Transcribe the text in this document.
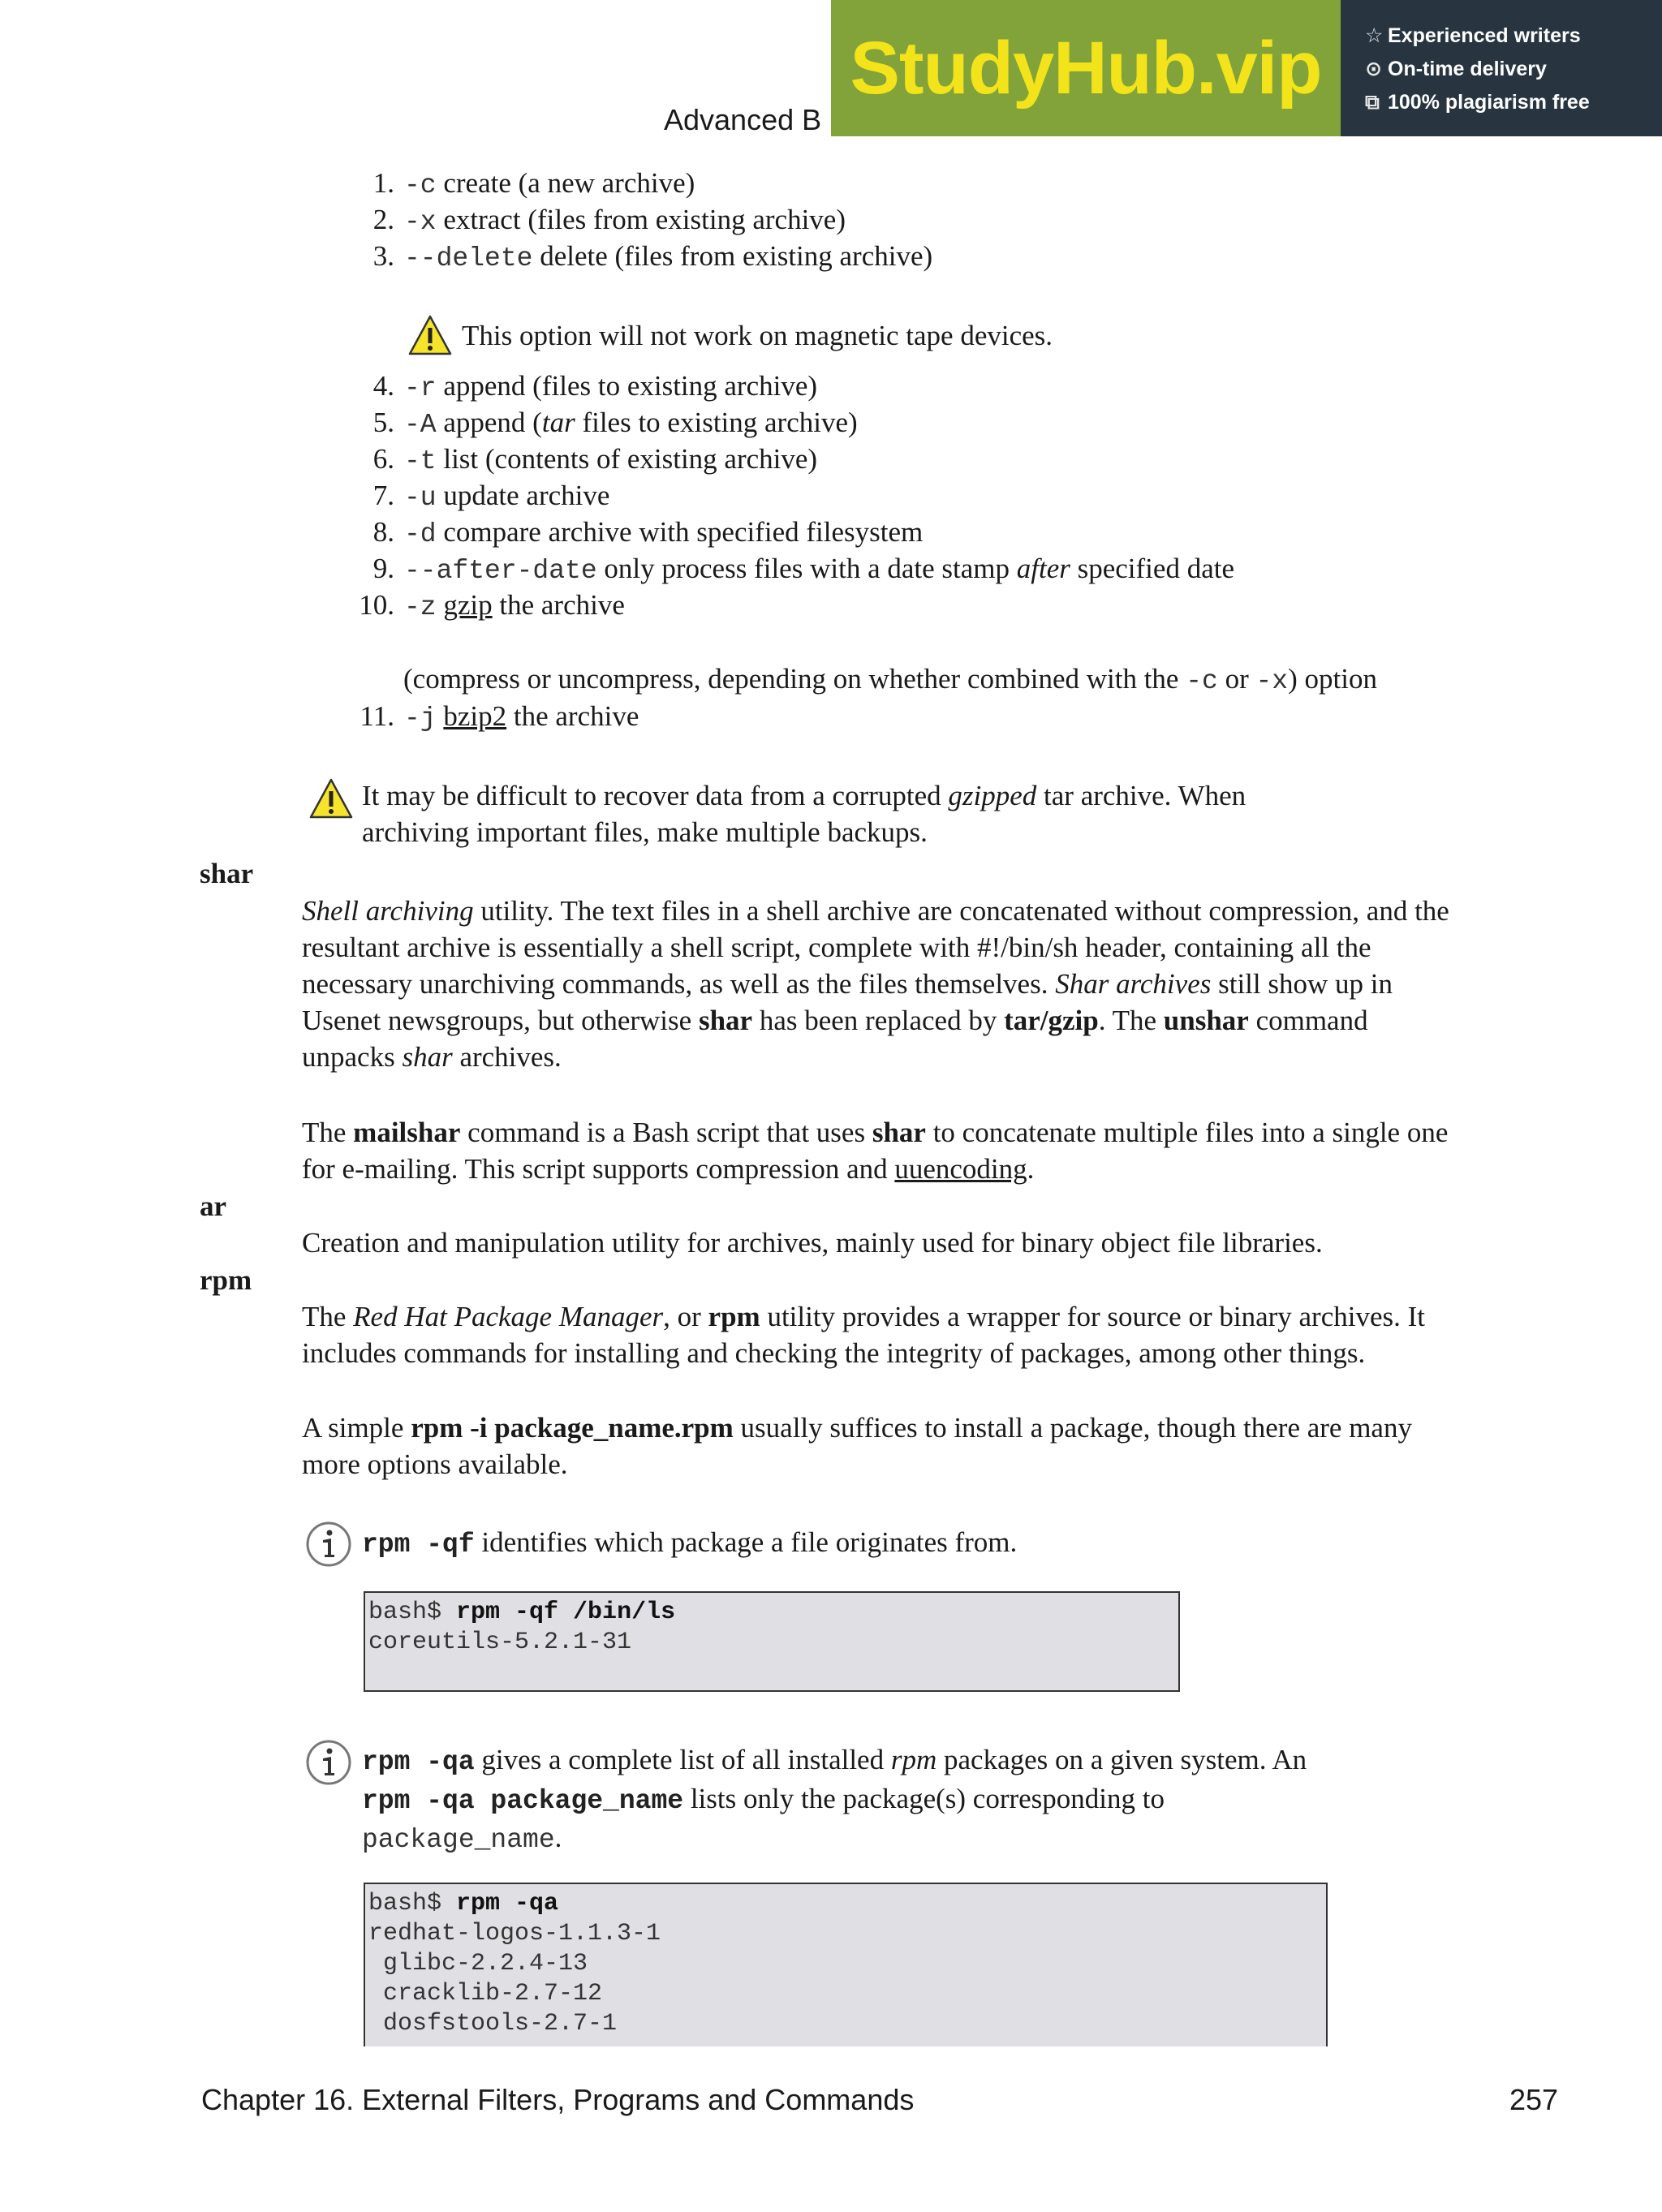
Advanced B
StudyHub.vip ☆ Experienced writers
⊙ On-time delivery
⧉ 100% plagiarism free
1. -c create (a new archive)
2. -x extract (files from existing archive)
3. --delete delete (files from existing archive)
This option will not work on magnetic tape devices.
4. -r append (files to existing archive)
5. -A append (tar files to existing archive)
6. -t list (contents of existing archive)
7. -u update archive
8. -d compare archive with specified filesystem
9. --after-date only process files with a date stamp after specified date
10. -z gzip the archive
(compress or uncompress, depending on whether combined with the -c or -x) option
11. -j bzip2 the archive
It may be difficult to recover data from a corrupted gzipped tar archive. When
archiving important files, make multiple backups.
shar
Shell archiving utility. The text files in a shell archive are concatenated without compression, and the
resultant archive is essentially a shell script, complete with #!/bin/sh header, containing all the
necessary unarchiving commands, as well as the files themselves. Shar archives still show up in
Usenet newsgroups, but otherwise shar has been replaced by tar/gzip. The unshar command
unpacks shar archives.
The mailshar command is a Bash script that uses shar to concatenate multiple files into a single one
for e-mailing. This script supports compression and uuencoding.
ar
Creation and manipulation utility for archives, mainly used for binary object file libraries.
rpm
The Red Hat Package Manager, or rpm utility provides a wrapper for source or binary archives. It
includes commands for installing and checking the integrity of packages, among other things.
A simple rpm -i package_name.rpm usually suffices to install a package, though there are many
more options available.
rpm -qf identifies which package a file originates from.
bash$ rpm -qf /bin/ls
coreutils-5.2.1-31
rpm -qa gives a complete list of all installed rpm packages on a given system. An
rpm -qa package_name lists only the package(s) corresponding to
package_name.
bash$ rpm -qa
redhat-logos-1.1.3-1
glibc-2.2.4-13
cracklib-2.7-12
dosfstools-2.7-1
Chapter 16. External Filters, Programs and Commands	257
